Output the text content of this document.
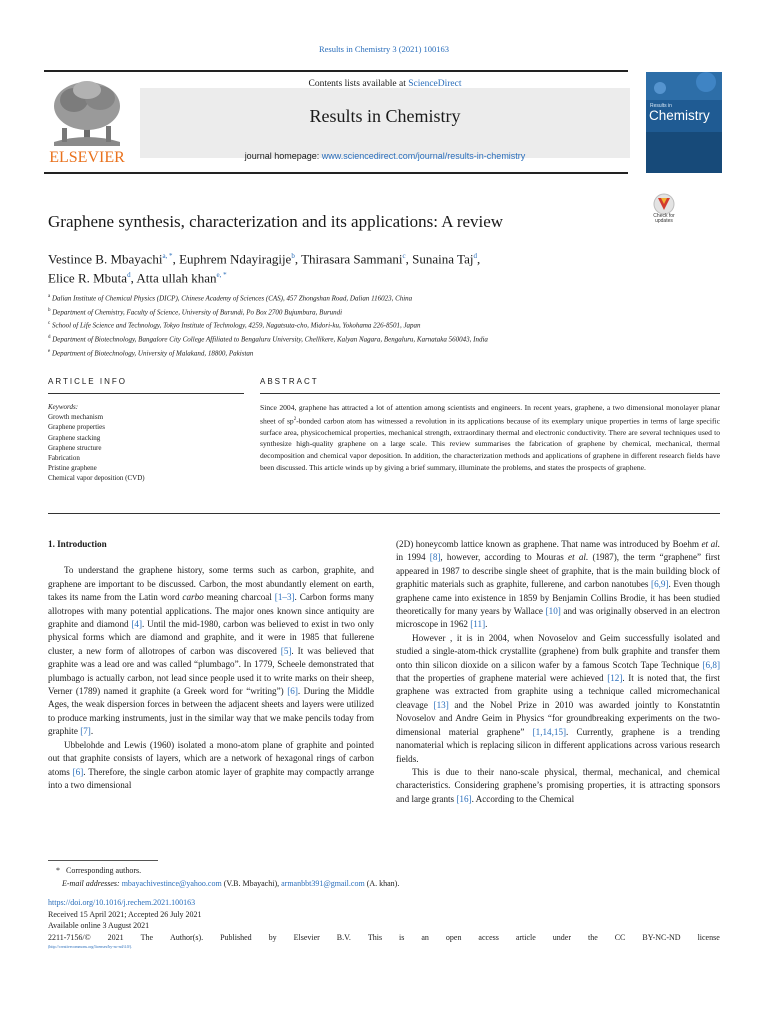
Results in Chemistry 3 (2021) 100163
ELSEVIER
Contents lists available at ScienceDirect
Results in Chemistry
journal homepage: www.sciencedirect.com/journal/results-in-chemistry
Results in
Chemistry
Graphene synthesis, characterization and its applications: A review	Check for updates
Vestince B. Mbayachi$^{a, *}$, Euphrem Ndayiragije$^b$, Thirasara Sammani$^c$, Sunaina Taj$^d$,
Elice R. Mbuta$^d$, Atta ullah khan$^{e, *}$
$^a$ Dalian Institute of Chemical Physics (DICP), Chinese Academy of Sciences (CAS), 457 Zhongshan Road, Dalian 116023, China
$^b$ Department of Chemistry, Faculty of Science, University of Burundi, Po Box 2700 Bujumbura, Burundi
$^c$ School of Life Science and Technology, Tokyo Institute of Technology, 4259, Nagatsuta-cho, Midori-ku, Yokohama 226-8501, Japan
$^d$ Department of Biotechnology, Bangalore City College Affiliated to Bengaluru University, Chellikere, Kalyan Nagara, Bengaluru, Karnataka 560043, India
$^e$ Department of Biotechnology, University of Malakand, 18800, Pakistan
ARTICLE INFO	ABSTRACT
Keywords:
Growth mechanism
Graphene properties
Graphene stacking
Graphene structure
Fabrication
Pristine graphene
Chemical vapor deposition (CVD)
Since 2004, graphene has attracted a lot of attention among scientists and engineers. In recent years, graphene, a two dimensional monolayer planar sheet of $sp^2$-bonded carbon atom has witnessed a revolution in its applications because of its exemplary unique properties in terms of large specific surface area, physicochemical properties, mechanical strength, extraordinary thermal and electronic conductivity. There are several techniques used to synthesize high-quality graphene on a large scale. This review summarises the fabrication of graphene by chemical, mechanical, thermal decomposition and chemical vapor deposition. In addition, the characterization methods and applications of graphene in different research fields have been discussed. This article winds up by giving a brief summary, illuminate the problems, and states the prospects of graphene.

1. Introduction

To understand the graphene history, some terms such as carbon, graphite, and graphene are important to be discussed. Carbon, the most abundantly element on earth, takes its name from the Latin word carbo meaning charcoal [1–3]. Carbon forms many allotropes with many potential applications. The major ones known since antiquity are graphite and diamond [4]. Until the mid-1980, carbon was believed to exist in two only physical forms which are diamond and graphite, and it were in 1985 that fullerene cluster, a new form of allotropes of carbon was discovered [5]. It was believed that graphite was a lead ore and was called “plumbago”. In 1779, Scheele demonstrated that plumbago is actually carbon, not lead since people used it to write marks on their sheep, Verner (1789) named it graphite (a Greek word for “writing”) [6]. During the Middle Ages, the weak dispersion forces in between the adjacent sheets and layers were utilized to produce marking instruments, just in the similar way that we make pencils today from graphite [7].

Ubbelohde and Lewis (1960) isolated a mono-atom plane of graphite and pointed out that graphite consists of layers, which are a network of hexagonal rings of carbon atoms [6]. Therefore, the single carbon atomic layer of graphite may compactly arrange into a two dimensional

(2D) honeycomb lattice known as graphene. That name was introduced by Boehm et al. in 1994 [8], however, according to Mouras et al. (1987), the term “graphene” first appeared in 1987 to describe single sheet of graphite, that is the main building block of graphitic materials such as graphite, fullerene, and carbon nanotubes [6,9]. Even though graphene came into existence in 1859 by Benjamin Collins Brodie, it has been studied theoretically for many years by Wallace [10] and was originally observed in an electron microscope in 1962 [11].

However , it is in 2004, when Novoselov and Geim successfully isolated and studied a single-atom-thick crystallite (graphene) from bulk graphite and transfer them onto thin silicon dioxide on a silicon wafer by a famous Scotch Tape Technique [6,8] that the properties of graphene material were achieved [12]. It is noted that, the first graphene was extracted from graphite using a technique called micromechanical cleavage [13] and the Nobel Prize in 2010 was awarded jointly to Konstatntin Novoselov and Andre Geim in Physics “for groundbreaking experiments on the two-dimensional material graphene” [1,14,15]. Currently, graphene is a trending nanomaterial which is replacing silicon in different applications across various research fields.

This is due to their nano-scale physical, thermal, mechanical, and chemical characteristics. Considering graphene’s promising properties, it is attracting sponsors and large grants [16]. According to the Chemical

* Corresponding authors.
E-mail addresses: mbayachivestince@yahoo.com (V.B. Mbayachi), armanbbt391@gmail.com (A. khan).
https://doi.org/10.1016/j.rechem.2021.100163
Received 15 April 2021; Accepted 26 July 2021
Available online 3 August 2021
2211-7156/© 2021 The Author(s). Published by Elsevier B.V. This is an open access article under the CC BY-NC-ND license
(http://creativecommons.org/licenses/by-nc-nd/4.0/).
